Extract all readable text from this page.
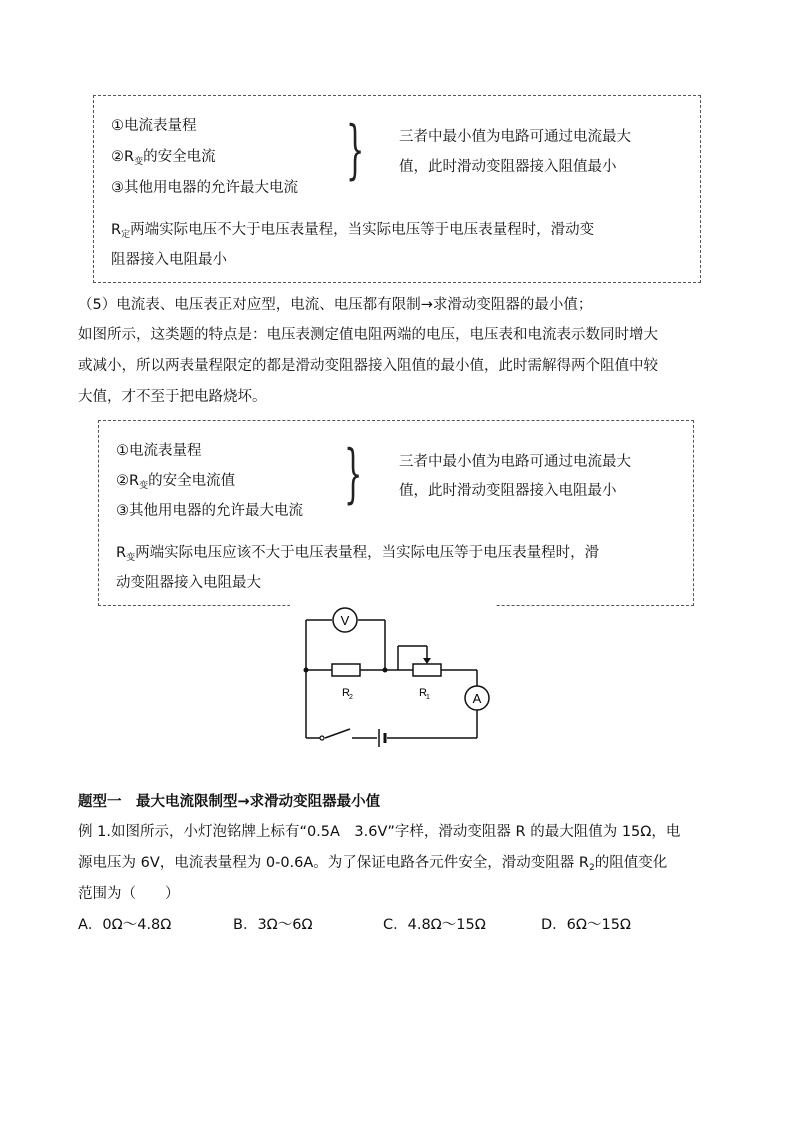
①电流表量程
$②R_变$的安全电流
③其他用电器的允许最大电流
} 三者中最小值为电路可通过电流最大
值，此时滑动变阻器接入阻值最小
$R_定$两端实际电压不大于电压表量程，当实际电压等于电压表量程时，滑动变
阻器接入电阻最小
（5）电流表、电压表正对应型，电流、电压都有限制→求滑动变阻器的最小值；
如图所示，这类题的特点是：电压表测定值电阻两端的电压，电压表和电流表示数同时增大
或减小，所以两表量程限定的都是滑动变阻器接入阻值的最小值，此时需解得两个阻值中较
大值，才不至于把电路烧坏。
①电流表量程
$②R_变$的安全电流值
③其他用电器的允许最大电流 }	三者中最小值为电路可通过电流最大
值，此时滑动变阻器接入电阻最小
$R_变$两端实际电压应该不大于电压表量程，当实际电压等于电压表量程时，滑
动变阻器接入电阻最大
V
A
R 2	R 1
题型一　最大电流限制型→求滑动变阻器最小值
例 1.如图所示，小灯泡铭牌上标有“0.5A　3.6V”字样，滑动变阻器 R 的最大阻值为 15Ω，电
源电压为 6V，电流表量程为 0-0.6A。为了保证电路各元件安全，滑动变阻器 $R_2$的阻值变化
范围为（　　）
A．0Ω～4.8Ω	B．3Ω～6Ω	C．4.8Ω～15Ω	D．6Ω～15Ω
